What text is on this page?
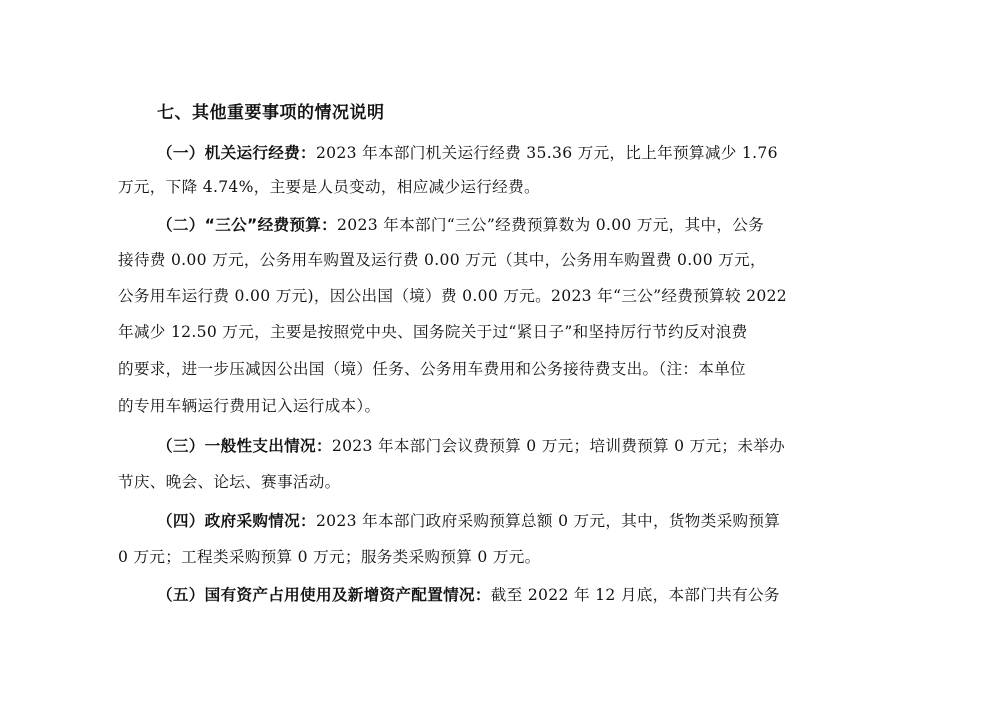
七、其他重要事项的情况说明
（一）机关运行经费：2023 年本部门机关运行经费 35.36 万元，比上年预算减少 1.76
万元，下降 4.74%，主要是人员变动，相应减少运行经费。
（二）“三公”经费预算：2023 年本部门“三公”经费预算数为 0.00 万元，其中，公务
接待费 0.00 万元，公务用车购置及运行费 0.00 万元（其中，公务用车购置费 0.00 万元，
公务用车运行费 0.00 万元)，因公出国（境）费 0.00 万元。2023 年“三公”经费预算较 2022
年减少 12.50 万元，主要是按照党中央、国务院关于过“紧日子”和坚持厉行节约反对浪费
的要求，进一步压减因公出国（境）任务、公务用车费用和公务接待费支出。（注：本单位
的专用车辆运行费用记入运行成本）。
（三）一般性支出情况：2023 年本部门会议费预算 0 万元；培训费预算 0 万元；未举办
节庆、晚会、论坛、赛事活动。
（四）政府采购情况：2023 年本部门政府采购预算总额 0 万元，其中，货物类采购预算
0 万元；工程类采购预算 0 万元；服务类采购预算 0 万元。
（五）国有资产占用使用及新增资产配置情况：截至 2022 年 12 月底，本部门共有公务
